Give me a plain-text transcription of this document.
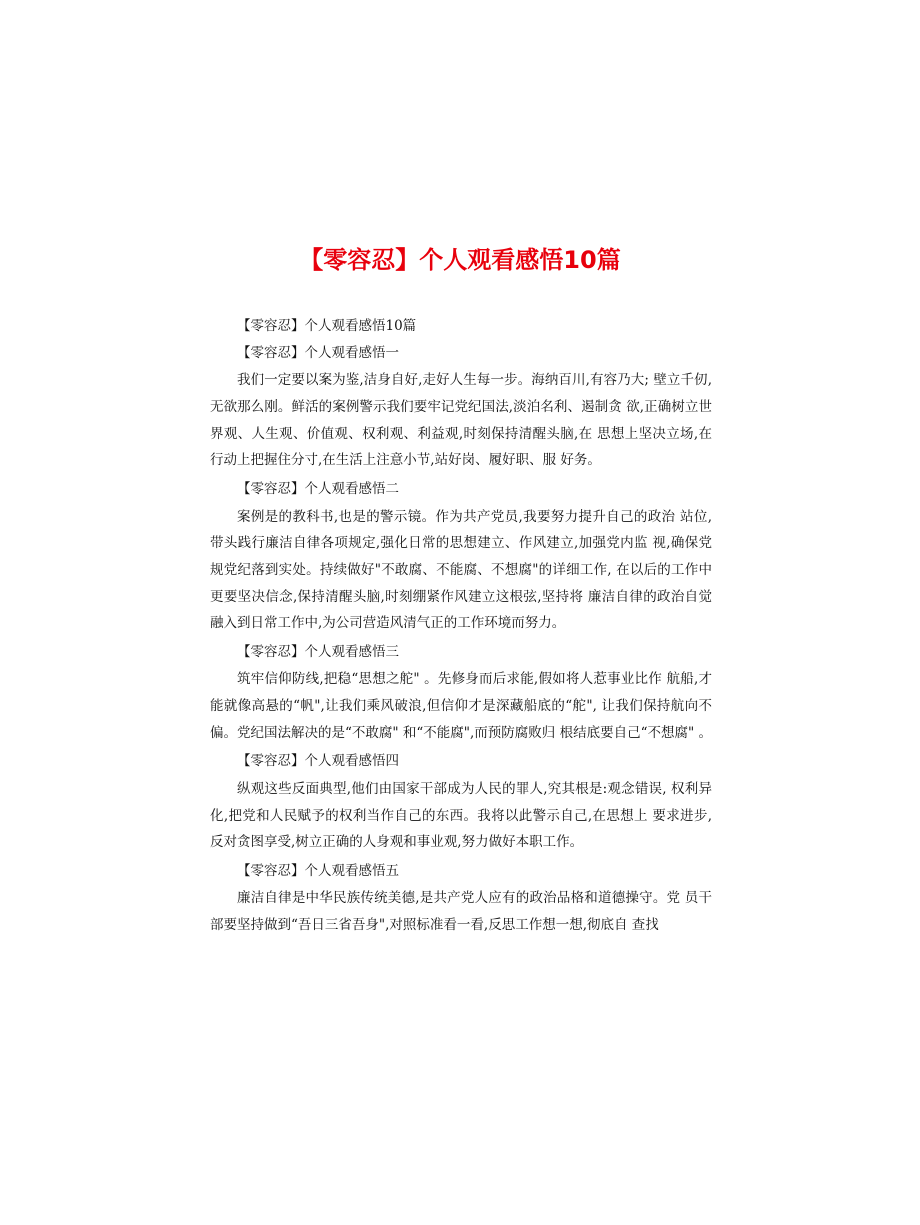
【零容忍】个人观看感悟10篇
【零容忍】个人观看感悟10篇
【零容忍】个人观看感悟一

我们一定要以案为鉴,洁身自好,走好人生每一步。海纳百川,有容乃大; 壁立千仞,无欲那么刚。鲜活的案例警示我们要牢记党纪国法,淡泊名利、遏制贪 欲,正确树立世界观、人生观、价值观、权利观、利益观,时刻保持清醒头脑,在 思想上坚决立场,在行动上把握住分寸,在生活上注意小节,站好岗、履好职、服 好务。

【零容忍】个人观看感悟二

案例是的教科书,也是的警示镜。作为共产党员,我要努力提升自己的政治 站位,带头践行廉洁自律各项规定,强化日常的思想建立、作风建立,加强党内监 视,确保党规党纪落到实处。持续做好"不敢腐、不能腐、不想腐"的详细工作, 在以后的工作中更要坚决信念,保持清醒头脑,时刻绷紧作风建立这根弦,坚持将 廉洁自律的政治自觉融入到日常工作中,为公司营造风清气正的工作环境而努力。

【零容忍】个人观看感悟三

筑牢信仰防线,把稳“思想之舵" 。先修身而后求能,假如将人惹事业比作 航船,才能就像高悬的“帆",让我们乘风破浪,但信仰才是深藏船底的“舵", 让我们保持航向不偏。党纪国法解决的是“不敢腐" 和“不能腐",而预防腐败归 根结底要自己“不想腐" 。

【零容忍】个人观看感悟四

纵观这些反面典型,他们由国家干部成为人民的罪人,究其根是:观念错误, 权利异化,把党和人民赋予的权利当作自己的东西。我将以此警示自己,在思想上 要求进步,反对贪图享受,树立正确的人身观和事业观,努力做好本职工作。

【零容忍】个人观看感悟五

廉洁自律是中华民族传统美德,是共产党人应有的政治品格和道德操守。党 员干部要坚持做到“吾日三省吾身",对照标准看一看,反思工作想一想,彻底自 查找
